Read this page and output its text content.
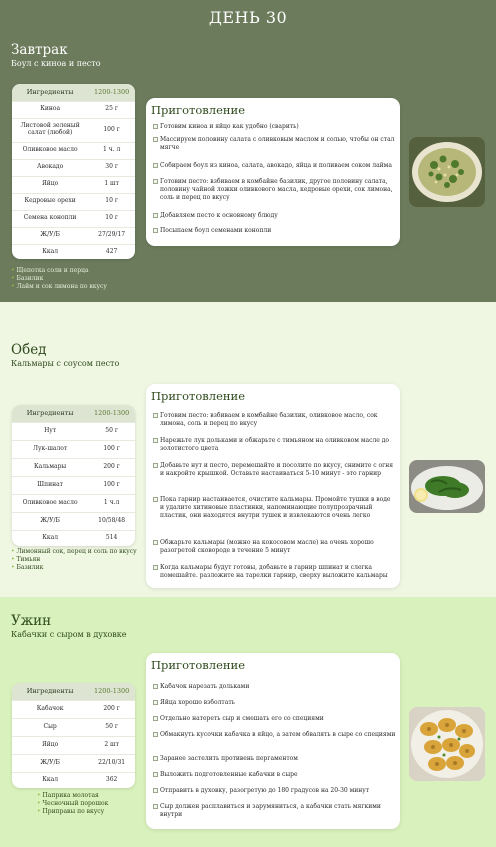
ДЕНЬ 30
Завтрак
Боул с киноа и песто
Ингредиенты	1200-1300
Киноа	25 г
Листовой зеленый салат (любой)	100 г
Оливковое масло	1 ч. л
Авокадо	30 г
Яйцо	1 шт
Кедровые орехи	10 г
Семена конопли	10 г
Ж/У/Б	27/29/17
Ккал	427
• Щепотка соли и перца
• Базилик
• Лайм и сок лимона по вкусу
Приготовление
Готовим киноа и яйцо как удобно (сварить)
Массируем половину салата с оливковым маслом и солью, чтобы он стал мягче
Собираем боул из киноа, салата, авокадо, яйца и поливаем соком лайма
Готовим песто: взбиваем в комбайне базилик, другое половину салата, половину чайной ложки оливкового масла, кедровые орехи, сок лимона, соль и перец по вкусу
Добавляем песто к основному блюду
Посыпаем боул семенами конопли
Обед
Кальмары с соусом песто
Ингредиенты	1200-1300
Нут	50 г
Лук-шалот	100 г
Кальмары	200 г
Шпинат	100 г
Оливковое масло	1 ч.л
Ж/У/Б	10/58/48
Ккал	514
• Лимонный сок, перец и соль по вкусу
• Тимьян
• Базилик
Приготовление
Готовим песто: взбиваем в комбайне базилик, оливковое масло, сок лимона, соль и перец по вкусу
Нарежьте лук дольками и обжарьте с тимьяном на оливковом масле до золотистого цвета
Добавьте нут и песто, перемешайте и посолите по вкусу, снимите с огня и накройте крышкой. Оставьте настаиваться 5-10 минут - это гарнир
Пока гарнир настаивается, очистите кальмары. Промойте тушки в воде и удалите хитиновые пластинки, напоминающие полупрозрачный пластик, они находятся внутри тушек и извлекаются очень легко
Обжарьте кальмары (можно на кокосовом масле) на очень хорошо разогретой сковороде в течение 5 минут
Когда кальмары будут готовы, добавьте в гарнир шпинат и слегка помешайте. разложите на тарелки гарнир, сверху выложите кальмары
Ужин
Кабачки с сыром в духовке
Ингредиенты	1200-1300
Кабачок	200 г
Сыр	50 г
Яйцо	2 шт
Ж/У/Б	22/10/31
Ккал	362
• Паприка молотая
• Чесночный порошок
• Приправы по вкусу
Приготовление
Кабачок нарезать дольками
Яйца хорошо взболтать
Отдельно натереть сыр и смешать его со специями
Обмакнуть кусочки кабачка в яйцо, а затем обвалять в сыре со специями
Заранее застелить противень пергаментом
Выложить подготовленные кабачки в сыре
Отправить в духовку, разогретую до 180 градусов на 20-30 минут
Сыр должен расплавиться и зарумяниться, а кабачки стать мягкими внутри
